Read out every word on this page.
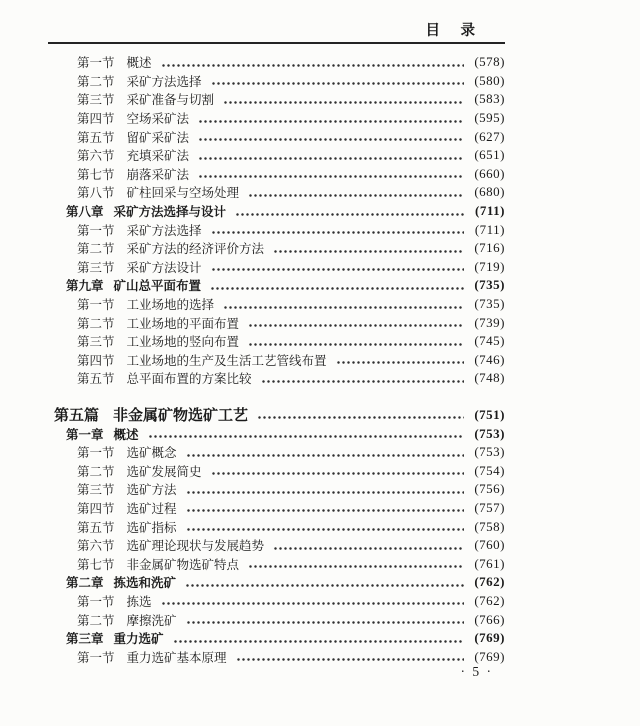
目　录
第一节 概述	(578)
第二节 采矿方法选择	(580)
第三节 采矿准备与切割	(583)
第四节 空场采矿法	(595)
第五节 留矿采矿法	(627)
第六节 充填采矿法	(651)
第七节 崩落采矿法	(660)
第八节 矿柱回采与空场处理	(680)
第八章 采矿方法选择与设计	(711)
第一节 采矿方法选择	(711)
第二节 采矿方法的经济评价方法	(716)
第三节 采矿方法设计	(719)
第九章 矿山总平面布置	(735)
第一节 工业场地的选择	(735)
第二节 工业场地的平面布置	(739)
第三节 工业场地的竖向布置	(745)
第四节 工业场地的生产及生活工艺管线布置	(746)
第五节 总平面布置的方案比较	(748)
第五篇 非金属矿物选矿工艺	(751)
第一章 概述	(753)
第一节 选矿概念	(753)
第二节 选矿发展简史	(754)
第三节 选矿方法	(756)
第四节 选矿过程	(757)
第五节 选矿指标	(758)
第六节 选矿理论现状与发展趋势	(760)
第七节 非金属矿物选矿特点	(761)
第二章 拣选和洗矿	(762)
第一节 拣选	(762)
第二节 摩擦洗矿	(766)
第三章 重力选矿	(769)
第一节 重力选矿基本原理	(769)
· 5 ·
